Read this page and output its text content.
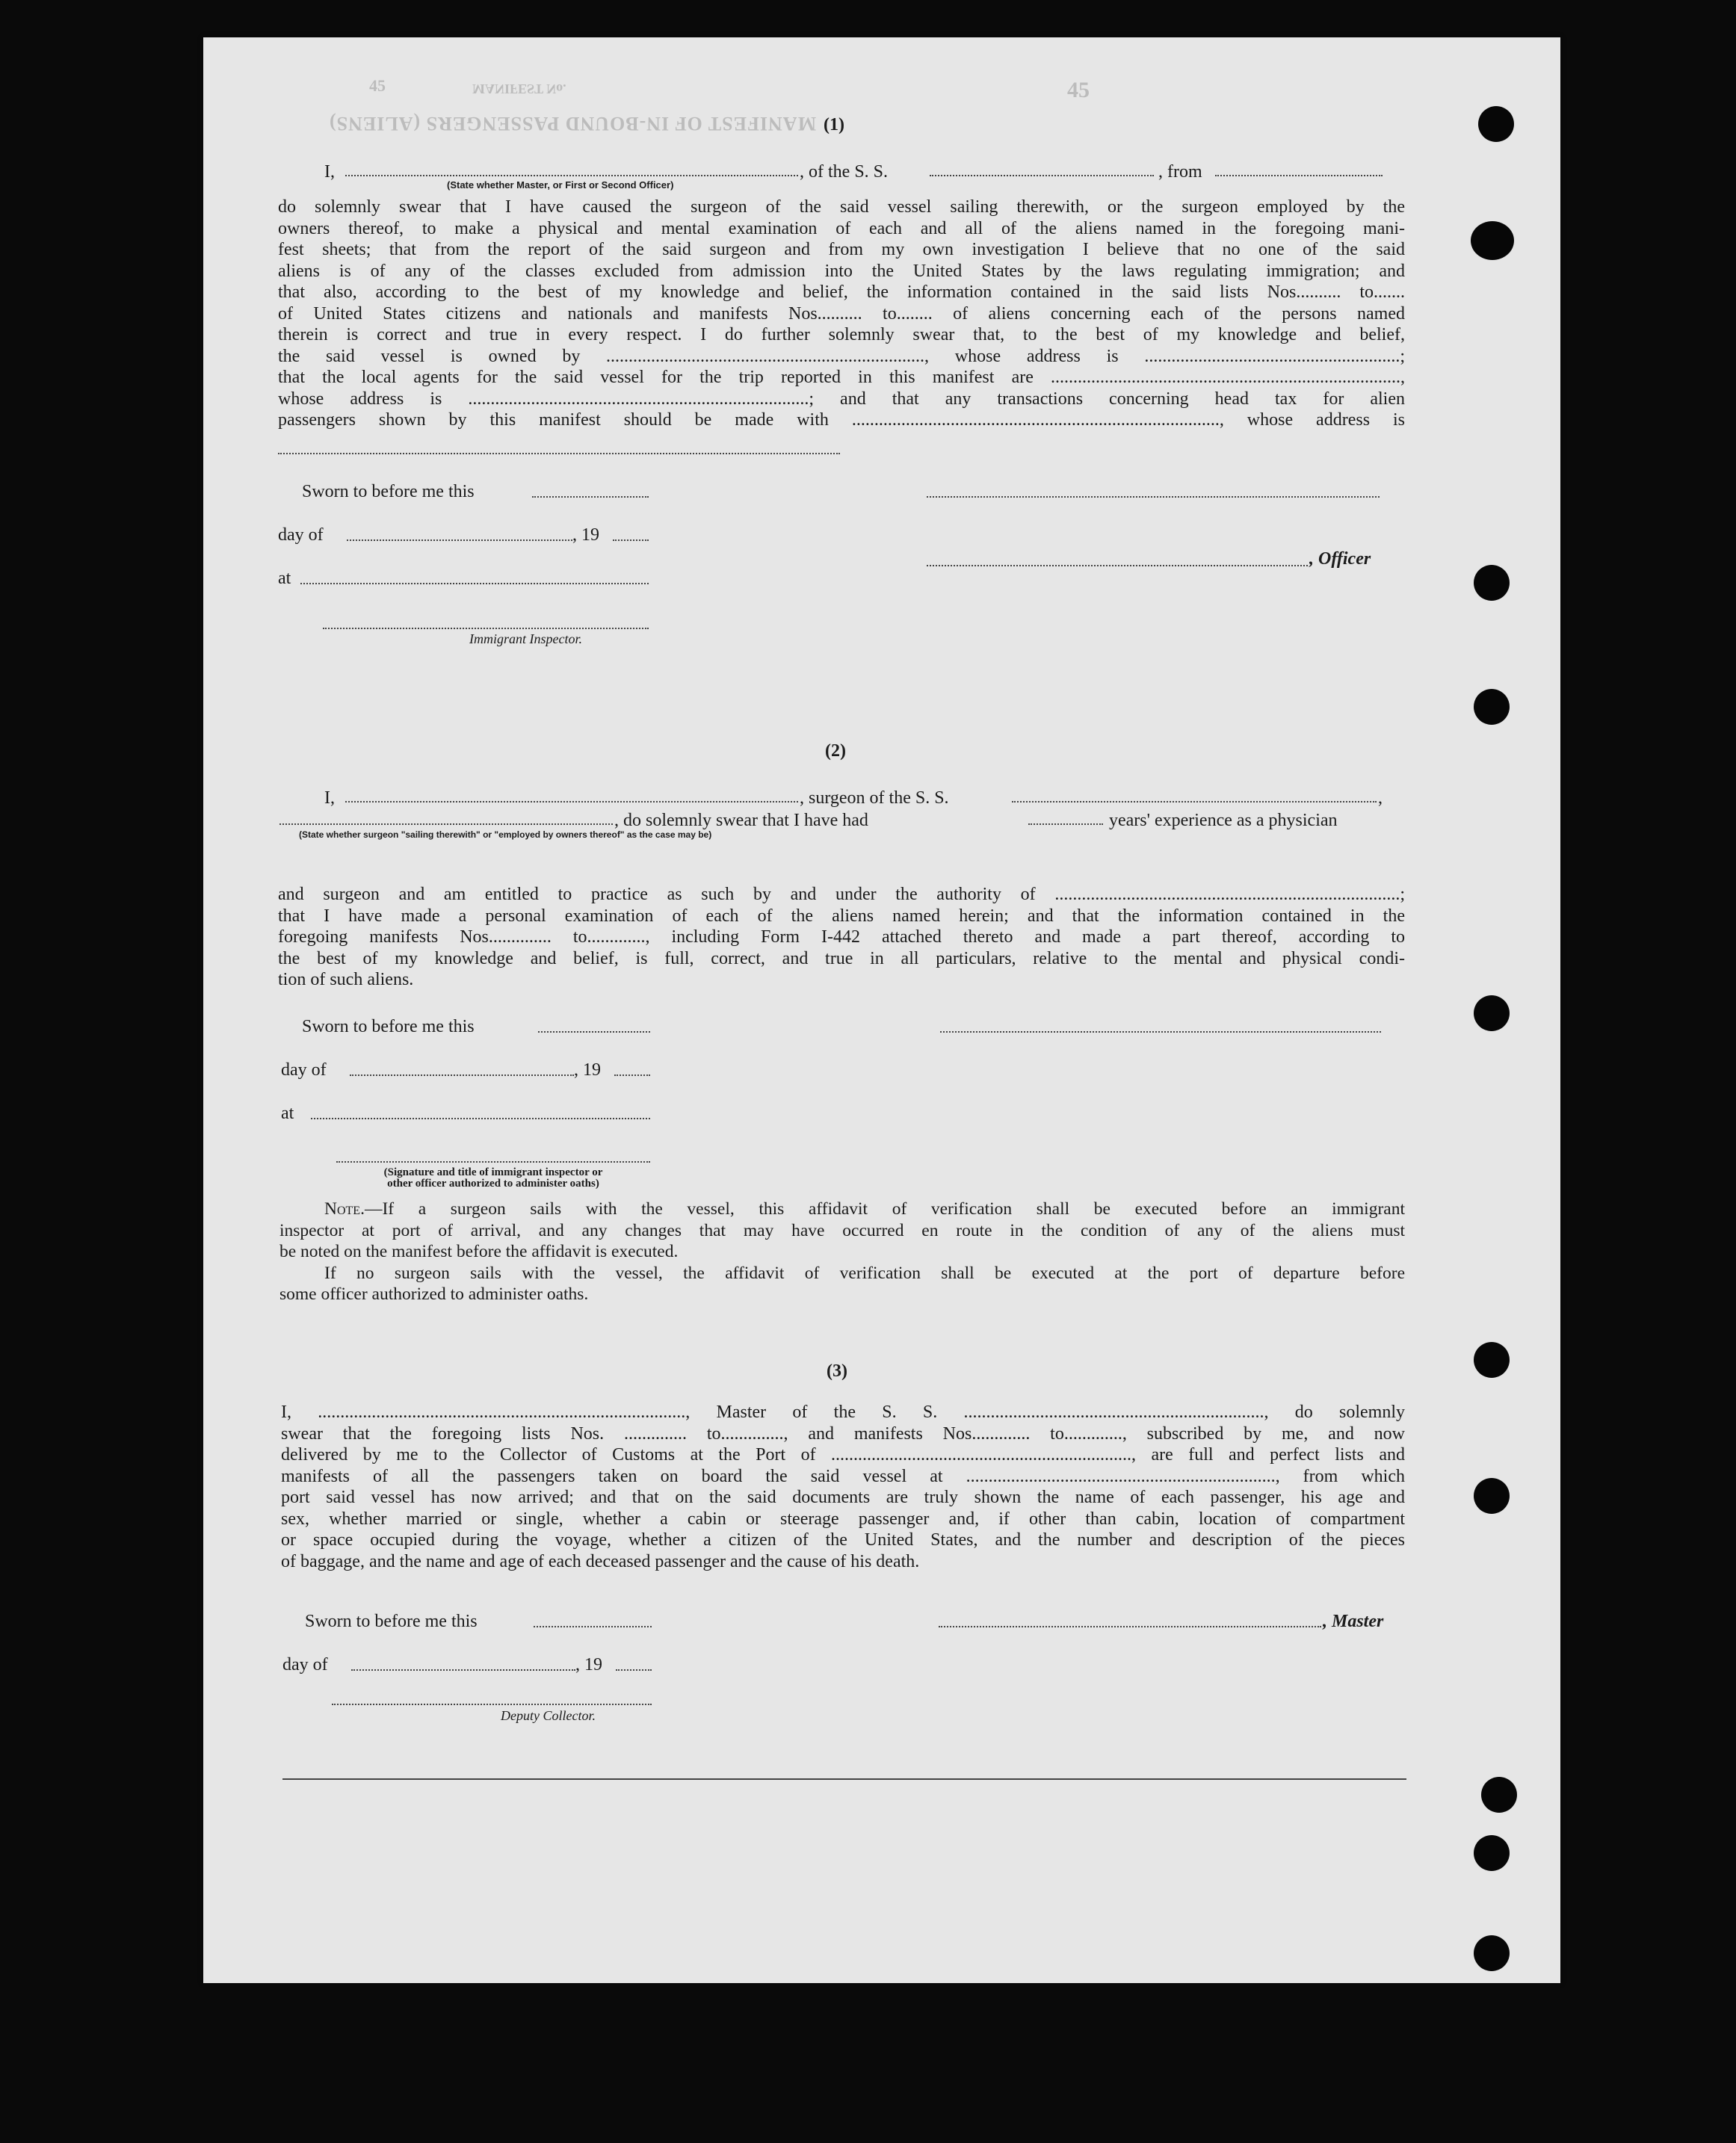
MANIFEST No.
45
MANIFEST OF IN-BOUND PASSENGERS (ALIENS)
45
(1)
I,	, of the S. S.	, from
(State whether Master, or First or Second Officer)

do solemnly swear that I have caused the surgeon of the said vessel sailing therewith, or the surgeon employed by the

owners thereof, to make a physical and mental examination of each and all of the aliens named in the foregoing mani-

fest sheets; that from the report of the said surgeon and from my own investigation I believe that no one of the said

aliens is of any of the classes excluded from admission into the United States by the laws regulating immigration; and

that also, according to the best of my knowledge and belief, the information contained in the said lists Nos.......... to.......

of United States citizens and nationals and manifests Nos.......... to........ of aliens concerning each of the persons named

therein is correct and true in every respect. I do further solemnly swear that, to the best of my knowledge and belief,

the said vessel is owned by ......................................................................., whose address is .........................................................;

that the local agents for the said vessel for the trip reported in this manifest are ..............................................................................,

whose address is ............................................................................; and that any transactions concerning head tax for alien

passengers shown by this manifest should be made with .................................................................................., whose address is

Sworn to before me this
day of	, 19
at
, Officer
Immigrant Inspector.
(2)
I,	, surgeon of the S. S.	,
, do solemnly swear that I have had	years' experience as a physician
(State whether surgeon "sailing therewith" or "employed by owners thereof" as the case may be)

and surgeon and am entitled to practice as such by and under the authority of .............................................................................;

that I have made a personal examination of each of the aliens named herein; and that the information contained in the

foregoing manifests Nos.............. to............., including Form I-442 attached thereto and made a part thereof, according to

the best of my knowledge and belief, is full, correct, and true in all particulars, relative to the mental and physical condi-

tion of such aliens.

Sworn to before me this
day of	, 19
at
(Signature and title of immigrant inspector or
other officer authorized to administer oaths)

Note.—If a surgeon sails with the vessel, this affidavit of verification shall be executed before an immigrant

inspector at port of arrival, and any changes that may have occurred en route in the condition of any of the aliens must

be noted on the manifest before the affidavit is executed.

If no surgeon sails with the vessel, the affidavit of verification shall be executed at the port of departure before

some officer authorized to administer oaths.

(3)

I, .................................................................................., Master of the S. S. ..................................................................., do solemnly

swear that the foregoing lists Nos. .............. to.............., and manifests Nos............. to............., subscribed by me, and now

delivered by me to the Collector of Customs at the Port of ..................................................................., are full and perfect lists and

manifests of all the passengers taken on board the said vessel at ....................................................................., from which

port said vessel has now arrived; and that on the said documents are truly shown the name of each passenger, his age and

sex, whether married or single, whether a cabin or steerage passenger and, if other than cabin, location of compartment

or space occupied during the voyage, whether a citizen of the United States, and the number and description of the pieces

of baggage, and the name and age of each deceased passenger and the cause of his death.

Sworn to before me this	, Master
day of	, 19
Deputy Collector.
